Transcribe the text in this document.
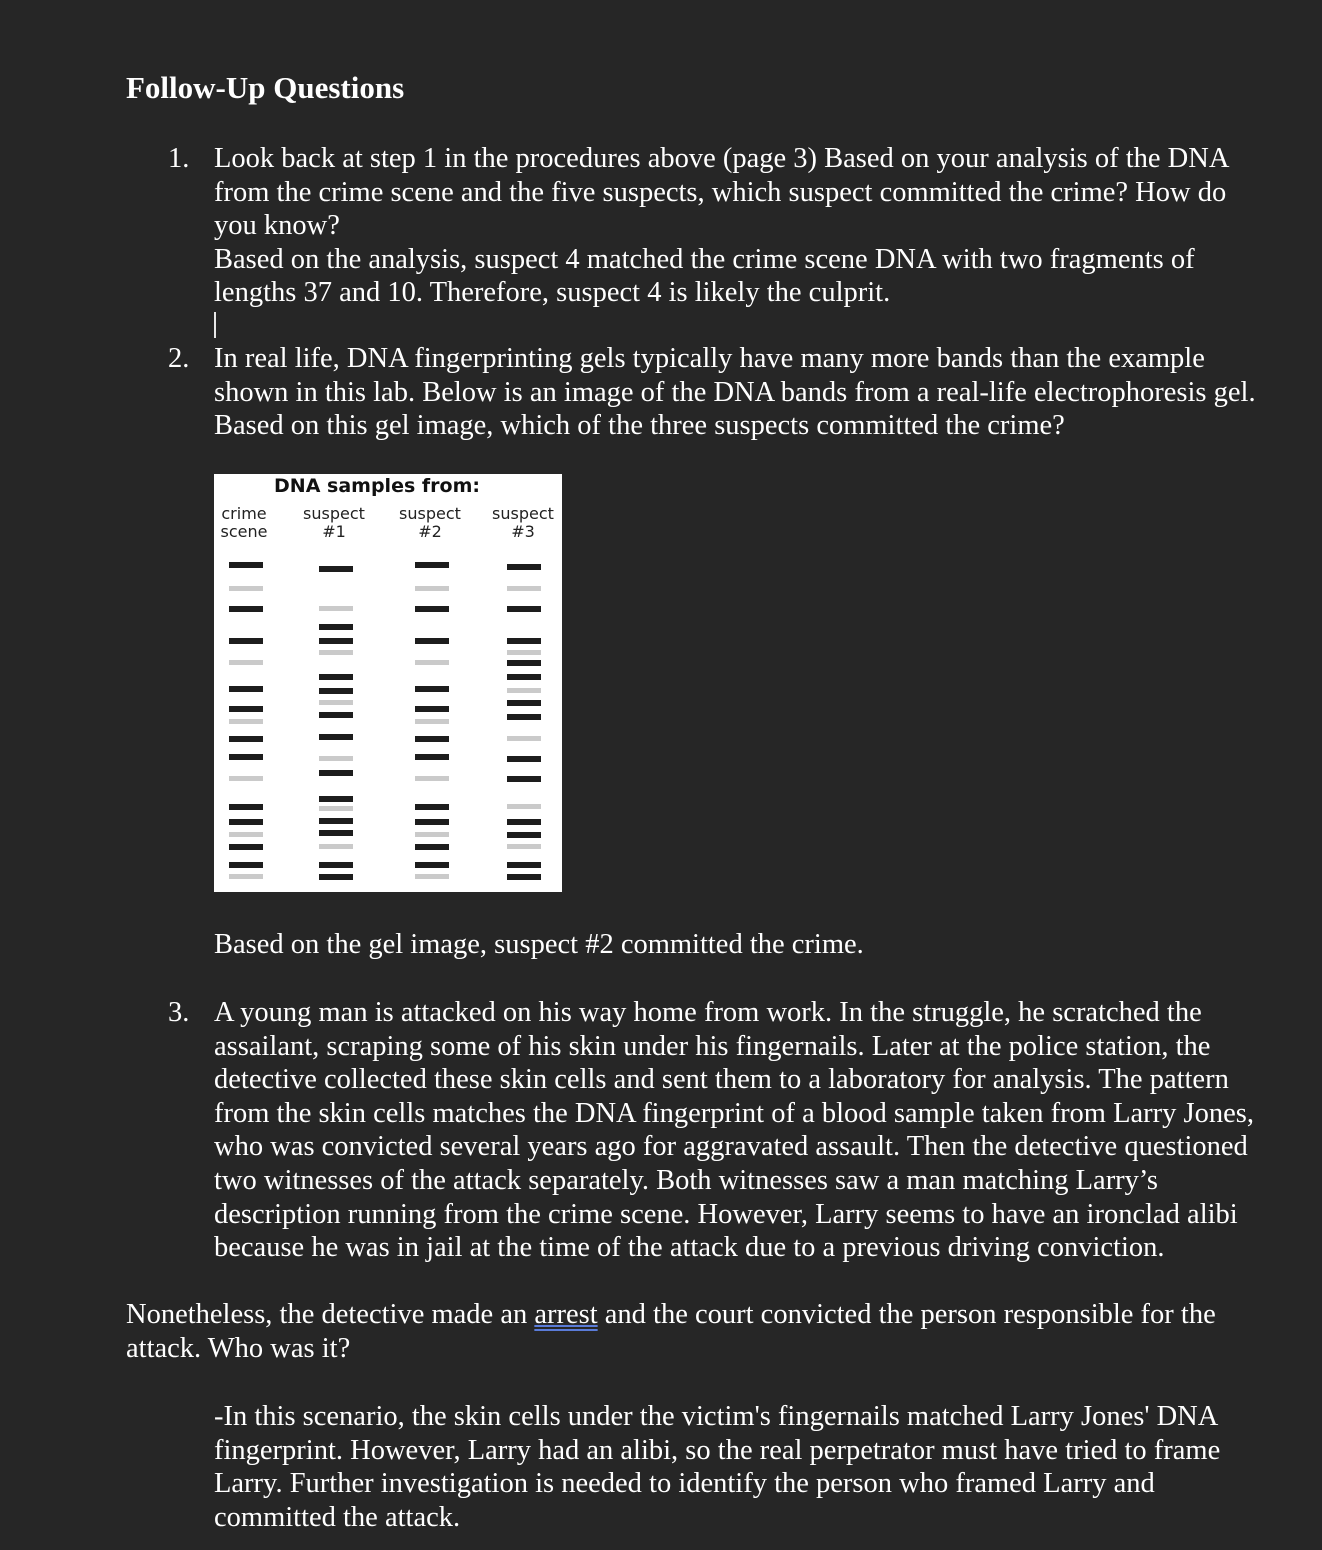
Follow-Up Questions
1. Look back at step 1 in the procedures above (page 3) Based on your analysis of the DNA from the crime scene and the five suspects, which suspect committed the crime? How do you know?

Based on the analysis, suspect 4 matched the crime scene DNA with two fragments of lengths 37 and 10. Therefore, suspect 4 is likely the culprit.

2. In real life, DNA fingerprinting gels typically have many more bands than the example shown in this lab. Below is an image of the DNA bands from a real-life electrophoresis gel. Based on this gel image, which of the three suspects committed the crime?

DNA samples from:
crime
scene
suspect
#1
suspect
#2
suspect
#3
Based on the gel image, suspect #2 committed the crime.
3. A young man is attacked on his way home from work. In the struggle, he scratched the assailant, scraping some of his skin under his fingernails. Later at the police station, the detective collected these skin cells and sent them to a laboratory for analysis. The pattern from the skin cells matches the DNA fingerprint of a blood sample taken from Larry Jones, who was convicted several years ago for aggravated assault. Then the detective questioned two witnesses of the attack separately. Both witnesses saw a man matching Larry’s description running from the crime scene. However, Larry seems to have an ironclad alibi because he was in jail at the time of the attack due to a previous driving conviction.

Nonetheless, the detective made an arrest and the court convicted the person responsible for the attack. Who was it?

-In this scenario, the skin cells under the victim's fingernails matched Larry Jones' DNA fingerprint. However, Larry had an alibi, so the real perpetrator must have tried to frame Larry. Further investigation is needed to identify the person who framed Larry and committed the attack.
